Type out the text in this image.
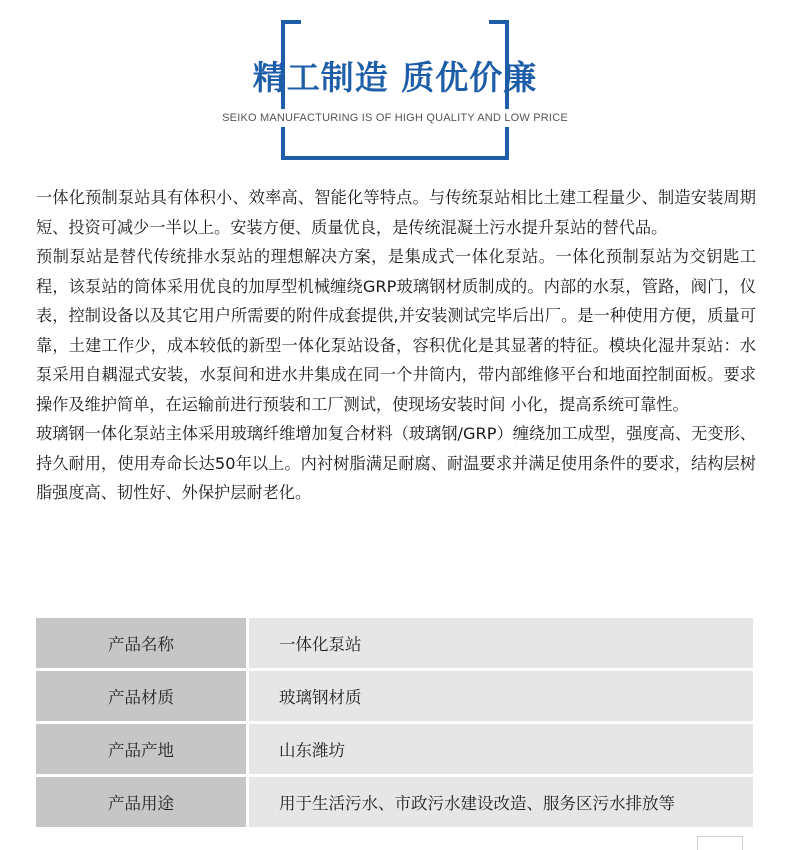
精工制造 质优价廉
SEIKO MANUFACTURING IS OF HIGH QUALITY AND LOW PRICE

一体化预制泵站具有体积小、效率高、智能化等特点。与传统泵站相比土建工程量少、制造安装周期短、投资可减少一半以上。安装方便、质量优良，是传统混凝土污水提升泵站的替代品。

预制泵站是替代传统排水泵站的理想解决方案，是集成式一体化泵站。一体化预制泵站为交钥匙工程，该泵站的筒体采用优良的加厚型机械缠绕GRP玻璃钢材质制成的。内部的水泵，管路，阀门，仪表，控制设备以及其它用户所需要的附件成套提供,并安装测试完毕后出厂。是一种使用方便，质量可靠，土建工作少，成本较低的新型一体化泵站设备，容积优化是其显著的特征。模块化湿井泵站：水泵采用自耦湿式安装，水泵间和进水井集成在同一个井筒内，带内部维修平台和地面控制面板。要求操作及维护简单，在运输前进行预装和工厂测试，使现场安装时间 小化，提高系统可靠性。

玻璃钢一体化泵站主体采用玻璃纤维增加复合材料（玻璃钢/GRP）缠绕加工成型，强度高、无变形、持久耐用，使用寿命长达50年以上。内衬树脂满足耐腐、耐温要求并满足使用条件的要求，结构层树脂强度高、韧性好、外保护层耐老化。

产品名称	一体化泵站
产品材质	玻璃钢材质
产品产地	山东潍坊
产品用途	用于生活污水、市政污水建设改造、服务区污水排放等
